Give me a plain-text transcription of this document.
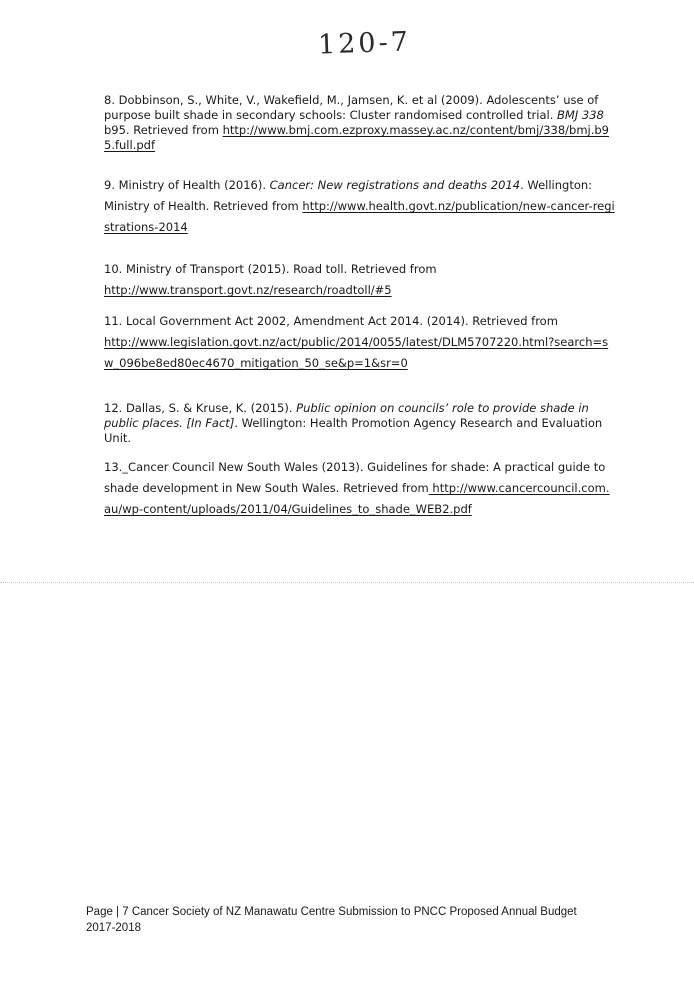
120-7
8. Dobbinson, S., White, V., Wakefield, M., Jamsen, K. et al (2009). Adolescents’ use of purpose built shade in secondary schools: Cluster randomised controlled trial. BMJ 338 b95. Retrieved from http://www.bmj.com.ezproxy.massey.ac.nz/content/bmj/338/bmj.b95.full.pdf
9. Ministry of Health (2016). Cancer: New registrations and deaths 2014. Wellington: Ministry of Health. Retrieved from http://www.health.govt.nz/publication/new-cancer-registrations-2014
10. Ministry of Transport (2015). Road toll. Retrieved from
http://www.transport.govt.nz/research/roadtoll/#5
11. Local Government Act 2002, Amendment Act 2014. (2014). Retrieved from
http://www.legislation.govt.nz/act/public/2014/0055/latest/DLM5707220.html?search=sw_096be8ed80ec4670_mitigation_50_se&p=1&sr=0
12. Dallas, S. & Kruse, K. (2015). Public opinion on councils’ role to provide shade in public places. [In Fact]. Wellington: Health Promotion Agency Research and Evaluation Unit.
13._Cancer Council New South Wales (2013). Guidelines for shade: A practical guide to shade development in New South Wales. Retrieved from http://www.cancercouncil.com.au/wp-content/uploads/2011/04/Guidelines_to_shade_WEB2.pdf
Page | 7 Cancer Society of NZ Manawatu Centre Submission to PNCC Proposed Annual Budget 2017-2018
